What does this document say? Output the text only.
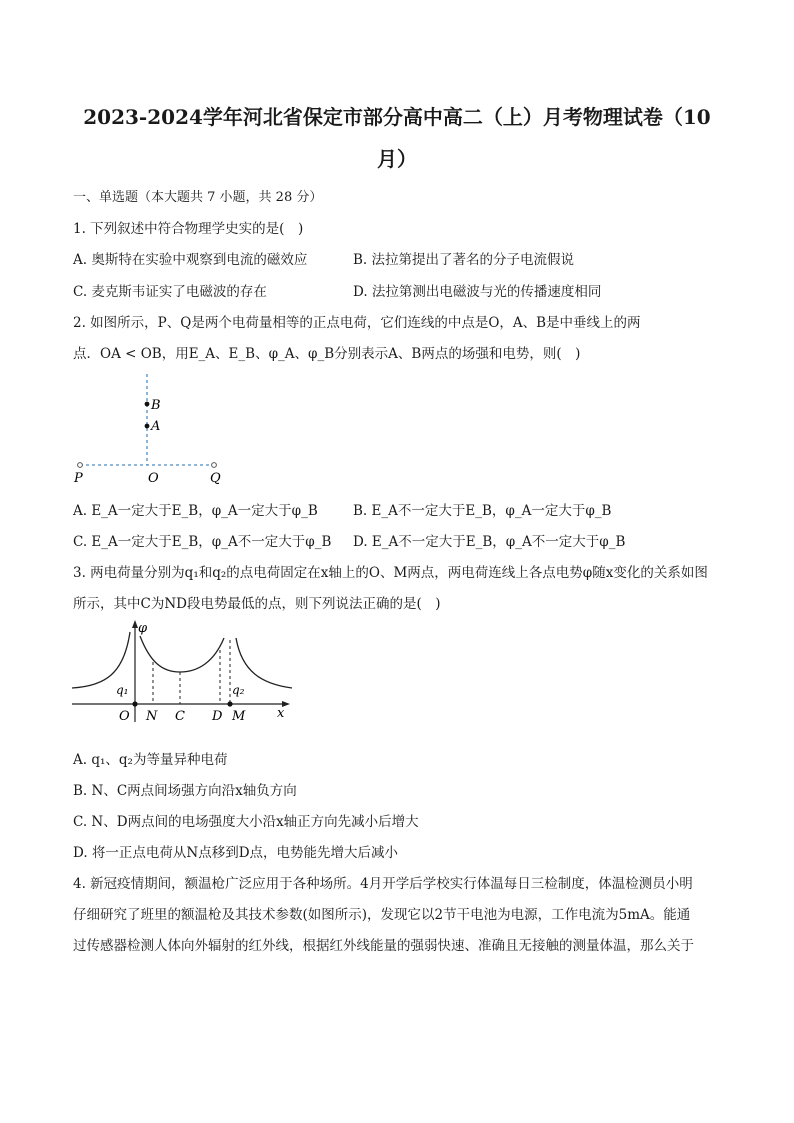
2023-2024学年河北省保定市部分高中高二（上）月考物理试卷（10
月）
一、单选题（本大题共 7 小题，共 28 分）
1. 下列叙述中符合物理学史实的是(　)
A. 奥斯特在实验中观察到电流的磁效应	B. 法拉第提出了著名的分子电流假说
C. 麦克斯韦证实了电磁波的存在	D. 法拉第测出电磁波与光的传播速度相同
2. 如图所示，P、Q是两个电荷量相等的正点电荷，它们连线的中点是O，A、B是中垂线上的两
点．OA < OB，用E_A、E_B、φ_A、φ_B分别表示A、B两点的场强和电势，则(　)
B
A
P	O	Q
A. E_A一定大于E_B，φ_A一定大于φ_B	B. E_A不一定大于E_B，φ_A一定大于φ_B
C. E_A一定大于E_B，φ_A不一定大于φ_B D. E_A不一定大于E_B，φ_A不一定大于φ_B
3. 两电荷量分别为q₁和q₂的点电荷固定在x轴上的O、M两点，两电荷连线上各点电势φ随x变化的关系如图
所示，其中C为ND段电势最低的点，则下列说法正确的是(　)
φ
q₁	q₂
O N C D M x
A. q₁、q₂为等量异种电荷
B. N、C两点间场强方向沿x轴负方向
C. N、D两点间的电场强度大小沿x轴正方向先减小后增大
D. 将一正点电荷从N点移到D点，电势能先增大后减小
4. 新冠疫情期间，额温枪广泛应用于各种场所。4月开学后学校实行体温每日三检制度，体温检测员小明
仔细研究了班里的额温枪及其技术参数(如图所示)，发现它以2节干电池为电源，工作电流为5mA。能通
过传感器检测人体向外辐射的红外线，根据红外线能量的强弱快速、准确且无接触的测量体温，那么关于
